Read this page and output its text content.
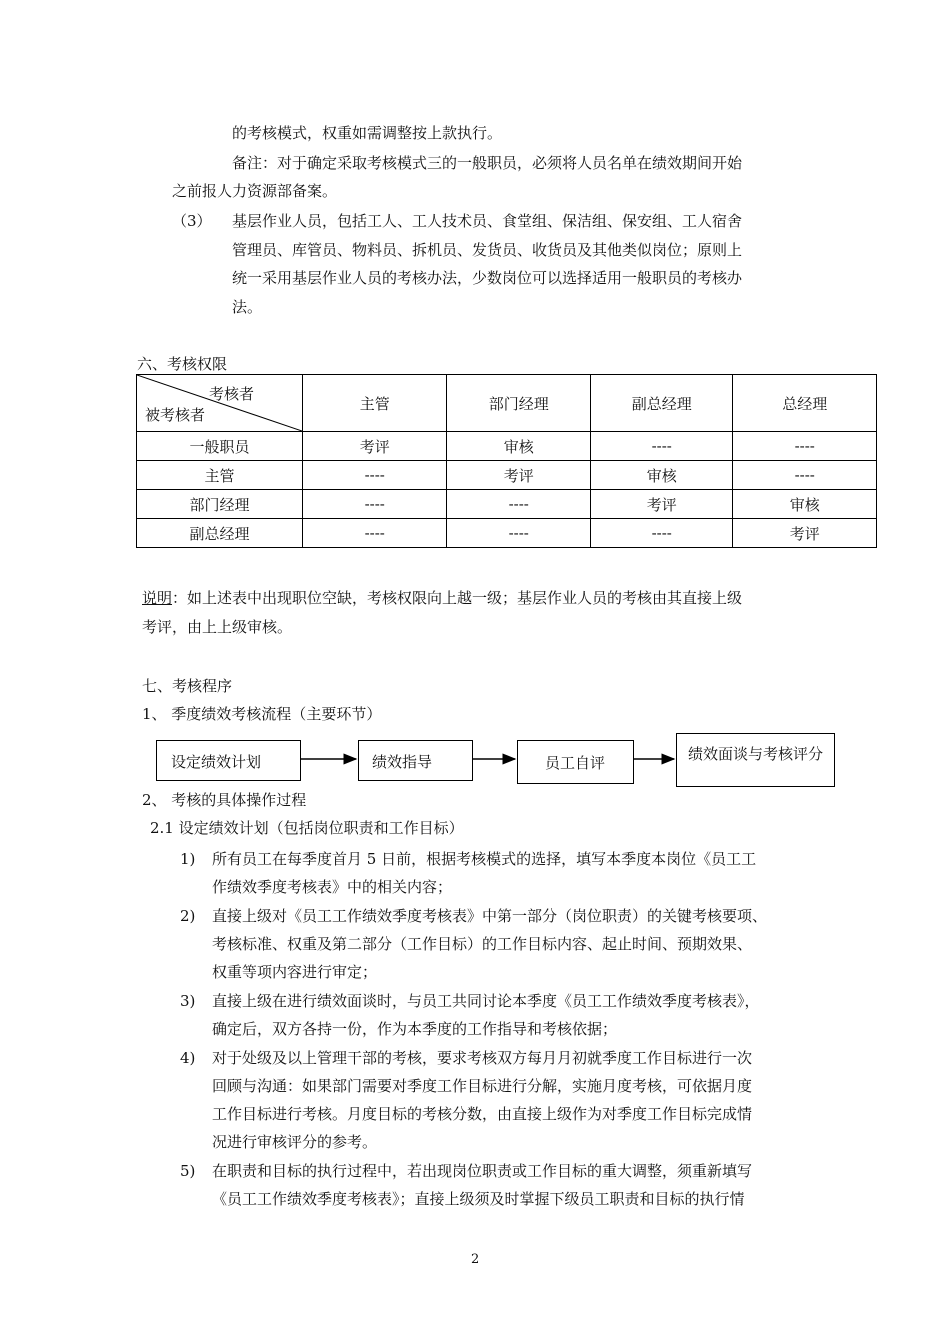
的考核模式，权重如需调整按上款执行。
备注：对于确定采取考核模式三的一般职员，必须将人员名单在绩效期间开始
之前报人力资源部备案。
（3） 基层作业人员，包括工人、工人技术员、食堂组、保洁组、保安组、工人宿舍
管理员、库管员、物料员、拆机员、发货员、收货员及其他类似岗位；原则上
统一采用基层作业人员的考核办法，少数岗位可以选择适用一般职员的考核办
法。
六、考核权限
考核者
被考核者	主管	部门经理	副总经理	总经理
一般职员	考评	审核	----	----
主管	----	考评	审核	----
部门经理	----	----	考评	审核
副总经理	----	----	----	考评
说明：如上述表中出现职位空缺，考核权限向上越一级；基层作业人员的考核由其直接上级
考评，由上上级审核。
七、考核程序
1、 季度绩效考核流程（主要环节）
设定绩效计划	绩效指导	员工自评	绩效面谈与考核评分
2、 考核的具体操作过程
2.1 设定绩效计划（包括岗位职责和工作目标）
1) 所有员工在每季度首月 5 日前，根据考核模式的选择，填写本季度本岗位《员工工
作绩效季度考核表》中的相关内容；
2) 直接上级对《员工工作绩效季度考核表》中第一部分（岗位职责）的关键考核要项、
考核标准、权重及第二部分（工作目标）的工作目标内容、起止时间、预期效果、
权重等项内容进行审定；
3) 直接上级在进行绩效面谈时，与员工共同讨论本季度《员工工作绩效季度考核表》，
确定后，双方各持一份，作为本季度的工作指导和考核依据；
4) 对于处级及以上管理干部的考核，要求考核双方每月月初就季度工作目标进行一次
回顾与沟通：如果部门需要对季度工作目标进行分解，实施月度考核，可依据月度
工作目标进行考核。月度目标的考核分数，由直接上级作为对季度工作目标完成情
况进行审核评分的参考。
5) 在职责和目标的执行过程中，若出现岗位职责或工作目标的重大调整，须重新填写
《员工工作绩效季度考核表》；直接上级须及时掌握下级员工职责和目标的执行情
2
